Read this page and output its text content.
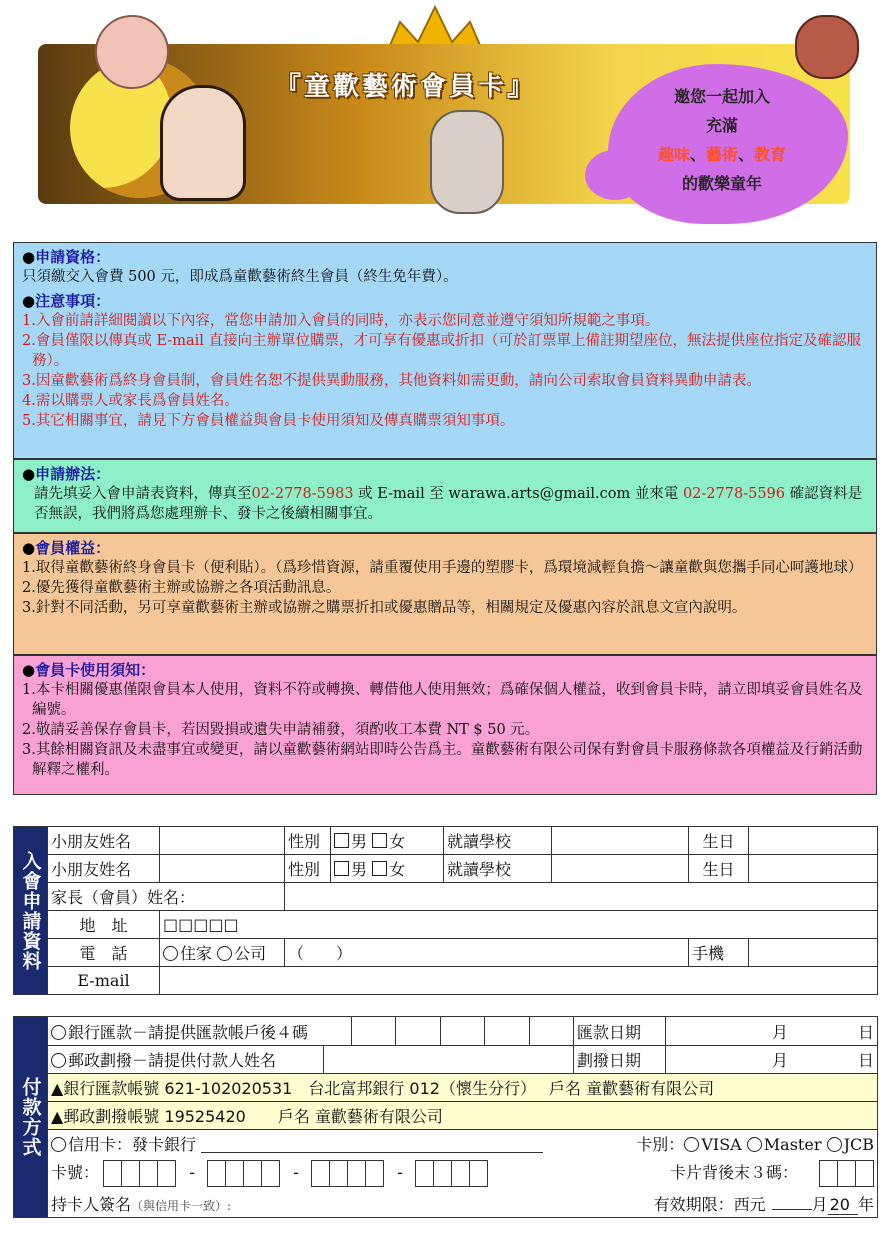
『童歡藝術會員卡』	邀您一起加入
充滿
趣味、藝術、教育
的歡樂童年
●申請資格：
只須繳交入會費 500 元，即成爲童歡藝術終生會員（終生免年費）。
●注意事項：
1.入會前請詳細閱讀以下內容，當您申請加入會員的同時，亦表示您同意並遵守須知所規範之事項。
2.會員僅限以傳真或 E-mail 直接向主辦單位購票，才可享有優惠或折扣（可於訂票單上備註期望座位，無法提供座位指定及確認服務）。
3.因童歡藝術爲終身會員制，會員姓名恕不提供異動服務，其他資料如需更動，請向公司索取會員資料異動申請表。
4.需以購票人或家長爲會員姓名。
5.其它相關事宜，請見下方會員權益與會員卡使用須知及傳真購票須知事項。
●申請辦法：
請先填妥入會申請表資料，傳真至02-2778-5983 或 E-mail 至 warawa.arts@gmail.com 並來電 02-2778-5596 確認資料是否無誤，我們將爲您處理辦卡、發卡之後續相關事宜。
●會員權益：
1.取得童歡藝術終身會員卡（便利貼）。（爲珍惜資源，請重覆使用手邊的塑膠卡，爲環境減輕負擔～讓童歡與您攜手同心呵護地球）
2.優先獲得童歡藝術主辦或協辦之各項活動訊息。
3.針對不同活動，另可享童歡藝術主辦或協辦之購票折扣或優惠贈品等，相關規定及優惠內容於訊息文宣內說明。
●會員卡使用須知：
1.本卡相關優惠僅限會員本人使用，資料不符或轉換、轉借他人使用無效；爲確保個人權益，收到會員卡時，請立即填妥會員姓名及編號。
2.敬請妥善保存會員卡，若因毀損或遺失申請補發，須酌收工本費 NT $ 50 元。
3.其餘相關資訊及未盡事宜或變更，請以童歡藝術網站即時公告爲主。童歡藝術有限公司保有對會員卡服務條款各項權益及行銷活動解釋之權利。
入會申請資料	小朋友姓名		性別	男 女	就讀學校		生日	
	小朋友姓名		性別	男 女	就讀學校		生日	
	家長（會員）姓名：							
	地　址	□□□□□						
	電　話	住家 公司	（　　）				手機	
	E-mail							
付款方式	銀行匯款－請提供匯款帳戶後４碼		匯款日期	月 日
	郵政劃撥－請提供付款人姓名		劃撥日期	月 日
	▲銀行匯款帳號 621-102020531　台北富邦銀行 012（懷生分行）　 戶名 童歡藝術有限公司			
	▲郵政劃撥帳號 19525420　　戶名 童歡藝術有限公司			
	信用卡：發卡銀行 卡別： VISA Master JCB			

	卡號： - - - 卡片背後末３碼：			

	持卡人簽名（與信用卡一致）: 有效期限：西元 月 20 年			
